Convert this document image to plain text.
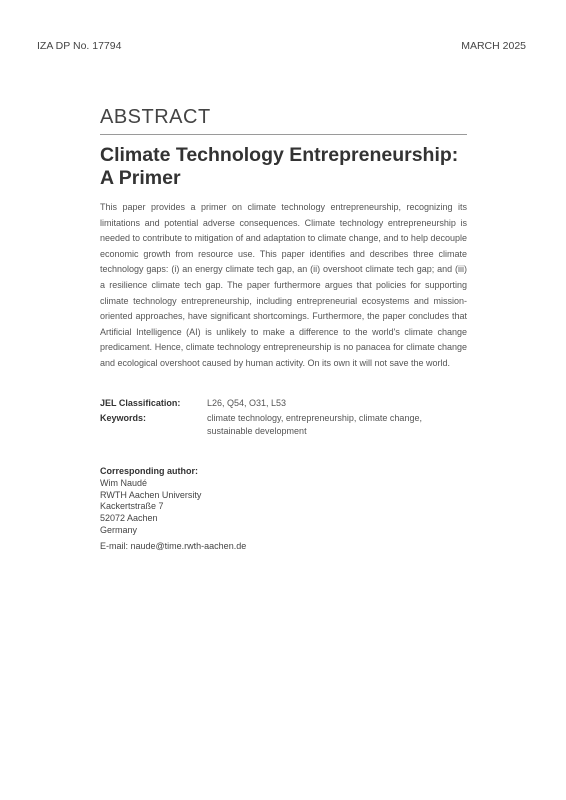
IZA DP No. 17794	MARCH 2025
ABSTRACT
Climate Technology Entrepreneurship:
A Primer

This paper provides a primer on climate technology entrepreneurship, recognizing its limitations and potential adverse consequences. Climate technology entrepreneurship is needed to contribute to mitigation of and adaptation to climate change, and to help decouple economic growth from resource use. This paper identifies and describes three climate technology gaps: (i) an energy climate tech gap, an (ii) overshoot climate tech gap; and (iii) a resilience climate tech gap. The paper furthermore argues that policies for supporting climate technology entrepreneurship, including entrepreneurial ecosystems and mission-oriented approaches, have significant shortcomings. Furthermore, the paper concludes that Artificial Intelligence (AI) is unlikely to make a difference to the world's climate change predicament. Hence, climate technology entrepreneurship is no panacea for climate change and ecological overshoot caused by human activity. On its own it will not save the world.

JEL Classification:	L26, Q54, O31, L53
Keywords:	climate technology, entrepreneurship, climate change,
sustainable development
Corresponding author:
Wim Naudé
RWTH Aachen University
Kackertstraße 7
52072 Aachen
Germany
E-mail: naude@time.rwth-aachen.de
